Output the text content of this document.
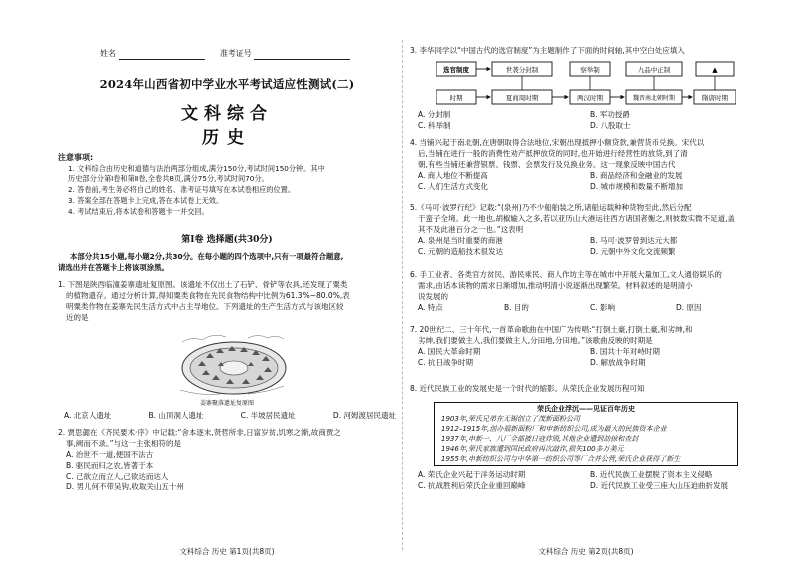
姓名	准考证号
2024年山西省初中学业水平考试适应性测试(二)
文科综合
历史
注意事项:
1. 文科综合由历史和道德与法治两部分组成,满分150分,考试时间150分钟。其中
历史部分分第Ⅰ卷和第Ⅱ卷,全卷共8页,满分75分,考试时间70分。
2. 答卷前,考生务必将自己的姓名、准考证号填写在本试卷相应的位置。
3. 答案全部在答题卡上完成,答在本试卷上无效。
4. 考试结束后,将本试卷和答题卡一并交回。
第Ⅰ卷 选择题(共30分)
本部分共15小题,每小题2分,共30分。在每小题的四个选项中,只有一项最符合题意,
请选出并在答题卡上将该项涂黑。
1. 下图是陕西临潼姜寨遗址复原图。该遗址不仅出土了石铲、骨铲等农具,还发现了粟类
的植物遗存。通过分析计算,得知粟类食物在先民食物结构中比例为61.3%~80.0%,表
明粟类作物在姜寨先民生活方式中占主导地位。下列遗址的生产生活方式与该地区较
近的是
姜寨聚落遗址复原图
A. 北京人遗址	B. 山顶洞人遗址	C. 半坡居民遗址	D. 河姆渡居民遗址
2. 贾思勰在《齐民要术·序》中记载:“舍本逐末,贤哲所非,日富岁贫,饥寒之渐,故商贾之
事,阙而不录。”与这一主张相符的是
A. 治世不一道,便国不法古
B. 驱民而归之农,皆著于本
C. 己欲立而立人,己欲达而达人
D. 男儿何不带吴钩,收取关山五十州
文科综合 历史 第1页(共8页)
3. 李华同学以“中国古代的选官制度”为主题制作了下面的时间轴,其中空白处应填入
选官制度	世袭分封制	察举制	九品中正制	▲
时期	夏商周时期	两汉时期	魏晋南北朝时期	隋唐时期
A. 分封制	B. 军功授爵
C. 科举制	D. 八股取士
4. 当铺兴起于南北朝,在唐朝取得合法地位,宋朝出现抵押小额贷款,兼营货币兑换。宋代以
后,当铺在进行一般的消费性劝产抵押放贷的同时,也开始进行经营性的放贷,到了清
朝,有些当铺还兼营银票、钱票、会票发行及兑换业务。这一现象反映中国古代
A. 商人地位不断提高	B. 商品经济和金融业的发展
C. 人们生活方式变化	D. 城市规模和数量不断增加
5.《马可·波罗行纪》记载:“(泉州)乃不少船舶装之所,诸船运载种种货物至此,然后分配
于蛮子全境。此一地也,胡椒输入之多,若以亚历山大港运往西方诸国者衡之,则彼数实微不足道,盖
其不及此港百分之一也。”这表明
A. 泉州是当时重要的商港	B. 马可·波罗曾到达元大都
C. 元朝的造船技术很发达	D. 元朝中外文化交流频繁
6. 手工业者、各类官方贫民、游民乘民、商人作坊主等在城市中开展大量加工,文人通俗娱乐的
需求,由话本读物的需求日渐增加,推动明清小说逐渐出现繁荣。材料叙述的是明清小
说发展的
A. 特点	B. 目的	C. 影响	D. 原因
7. 20世纪二、三十年代,一首革命歌曲在中国广为传唱:“打倒土豪,打倒土豪,和劣绅,和
劣绅,我们要做主人,我们要做主人,分田地,分田地。”该歌曲反映的时期是
A. 国民大革命时期	B. 国共十年对峙时期
C. 抗日战争时期	D. 解放战争时期
8. 近代民族工业的发展史是一个时代的缩影。从荣氏企业发展历程可知
荣氏企业浮沉——见证百年历史
1903年,荣氏兄弟在无锡创立了茂新面粉公司
1912–1915年,创办福新面粉厂和申新纺织公司,成为最大的民族资本企业
1937年,申新一、八厂全部被日寇炸毁,其他企业遭到劫掠和查封
1946年,荣氏家族遭到国民政府再次敲诈,损失100多万美元
1955年,申新纺织公司与中华第一纺织公司等厂合并公营,荣氏企业获得了新生
A. 荣氏企业兴起于洋务运动时期	B. 近代民族工业摆脱了资本主义侵略
C. 抗战胜利后荣氏企业重回巅峰	D. 近代民族工业受三座大山压迫曲折发展
文科综合 历史 第2页(共8页)
